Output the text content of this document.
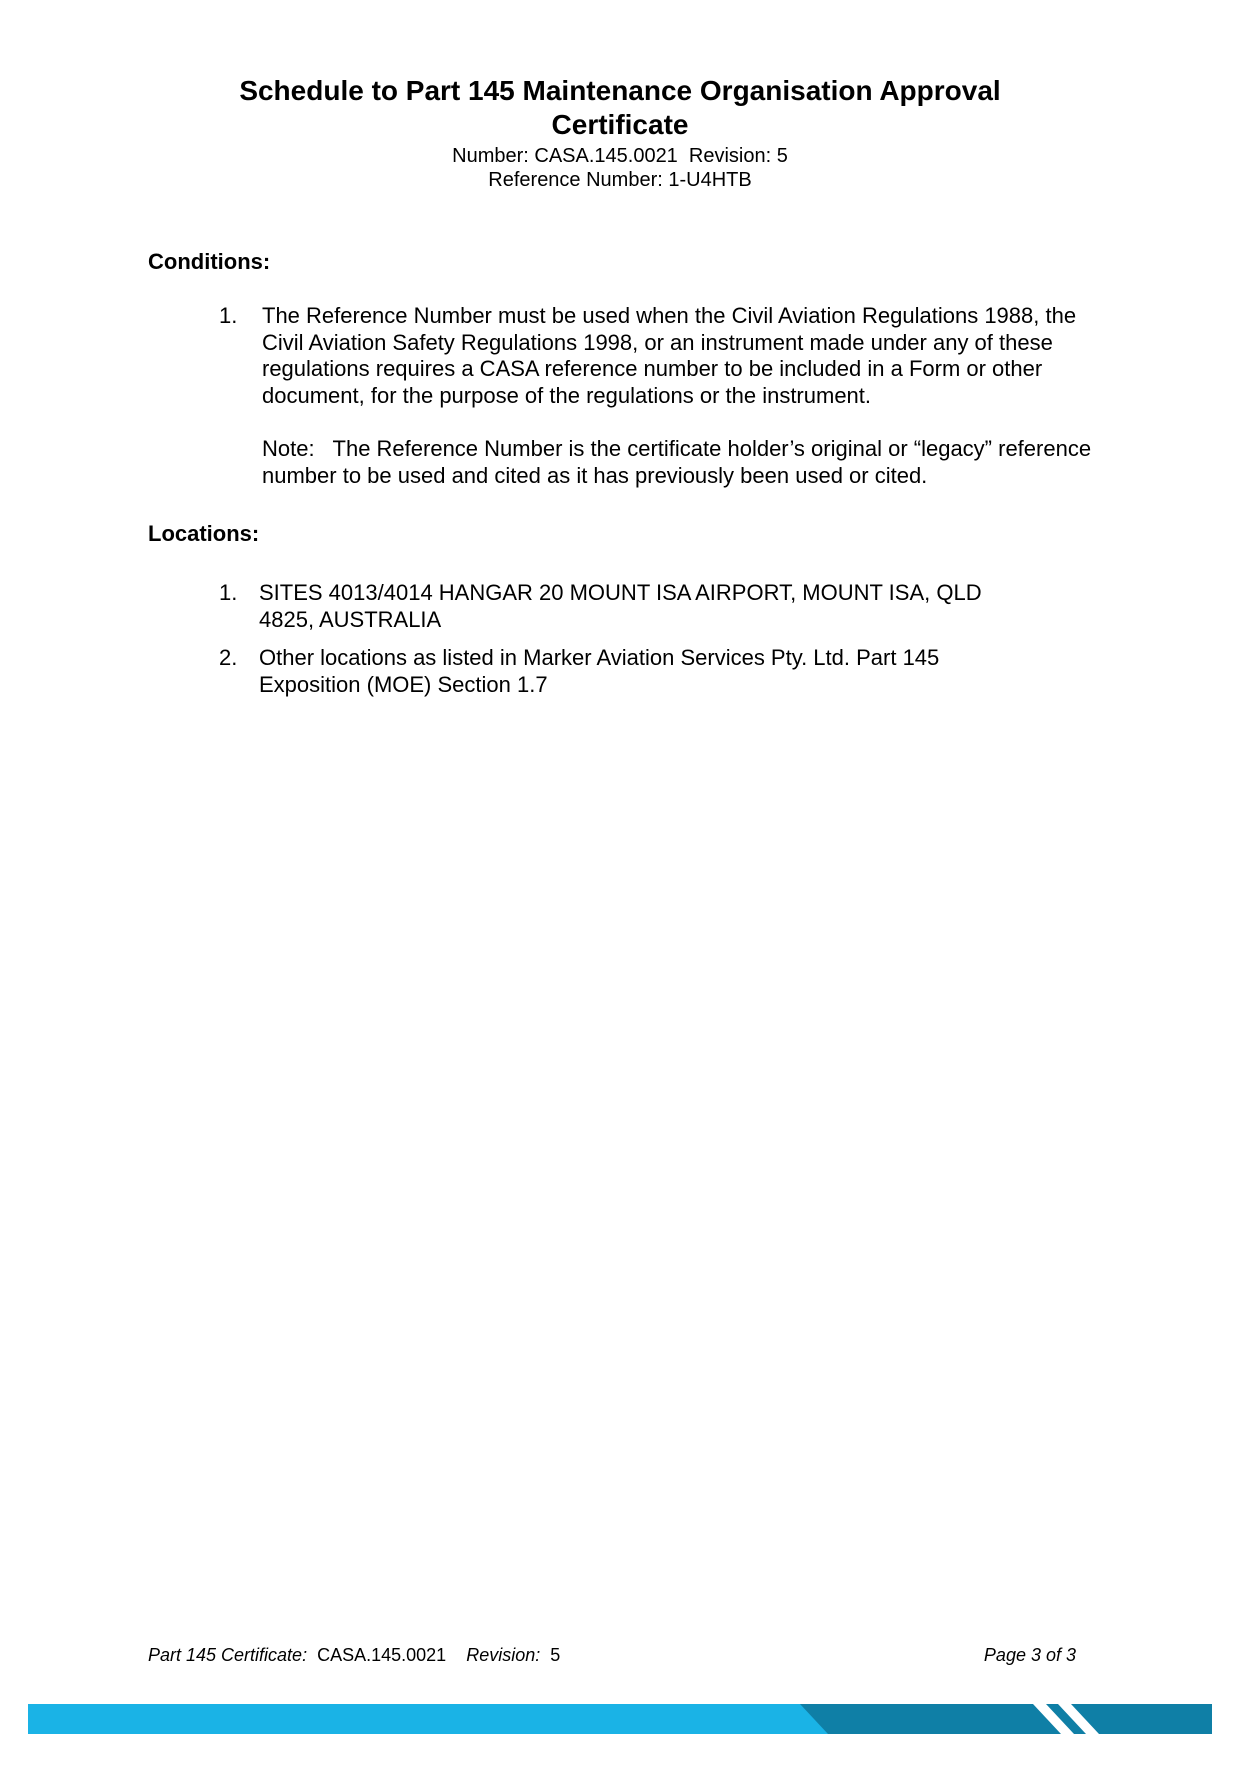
Schedule to Part 145 Maintenance Organisation Approval Certificate
Number: CASA.145.0021  Revision: 5
Reference Number: 1-U4HTB
Conditions:
1. The Reference Number must be used when the Civil Aviation Regulations 1988, the Civil Aviation Safety Regulations 1998, or an instrument made under any of these regulations requires a CASA reference number to be included in a Form or other document, for the purpose of the regulations or the instrument.
Note:   The Reference Number is the certificate holder’s original or “legacy” reference number to be used and cited as it has previously been used or cited.
Locations:
1. SITES 4013/4014 HANGAR 20 MOUNT ISA AIRPORT, MOUNT ISA, QLD 4825, AUSTRALIA
2. Other locations as listed in Marker Aviation Services Pty. Ltd. Part 145 Exposition (MOE) Section 1.7
Part 145 Certificate: CASA.145.0021 Revision: 5	Page 3 of 3
